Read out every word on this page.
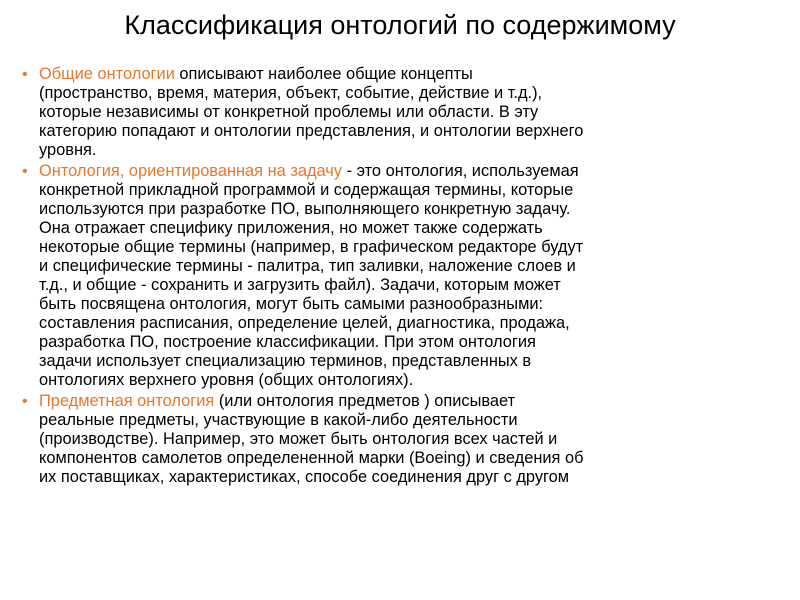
Классификация онтологий по содержимому
• Общие онтологии описывают наиболее общие концепты
(пространство, время, материя, объект, событие, действие и т.д.),
которые независимы от конкретной проблемы или области. В эту
категорию попадают и онтологии представления, и онтологии верхнего
уровня.
• Онтология, ориентированная на задачу - это онтология, используемая
конкретной прикладной программой и содержащая термины, которые
используются при разработке ПО, выполняющего конкретную задачу.
Она отражает специфику приложения, но может также содержать
некоторые общие термины (например, в графическом редакторе будут
и специфические термины - палитра, тип заливки, наложение слоев и
т.д., и общие - сохранить и загрузить файл). Задачи, которым может
быть посвящена онтология, могут быть самыми разнообразными:
составления расписания, определение целей, диагностика, продажа,
разработка ПО, построение классификации. При этом онтология
задачи использует специализацию терминов, представленных в
онтологиях верхнего уровня (общих онтологиях).
• Предметная онтология (или онтология предметов ) описывает
реальные предметы, участвующие в какой-либо деятельности
(производстве). Например, это может быть онтология всех частей и
компонентов самолетов определененной марки (Boeing) и сведения об
их поставщиках, характеристиках, способе соединения друг с другом
